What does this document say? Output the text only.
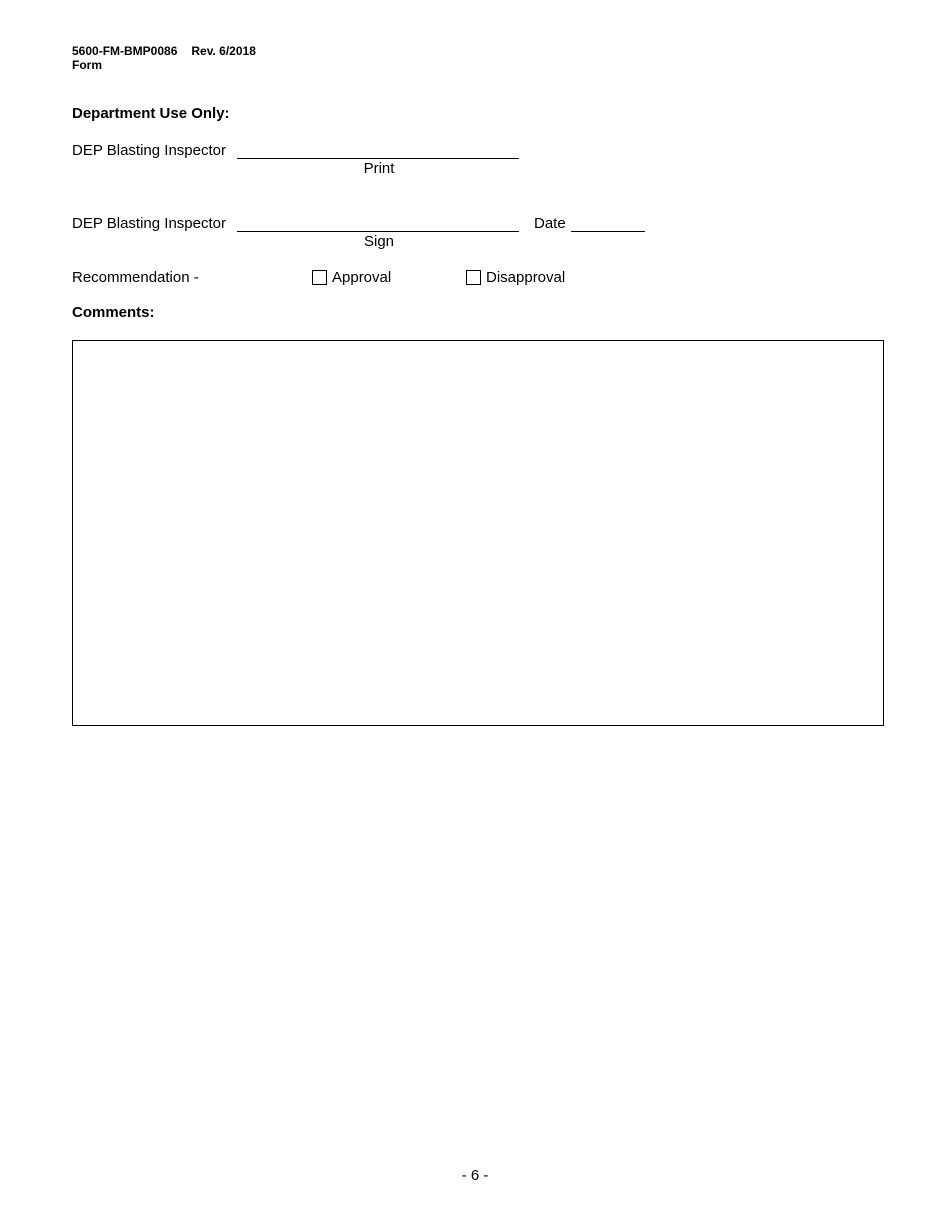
5600-FM-BMP0086 Rev. 6/2018
Form
Department Use Only:
DEP Blasting Inspector
Print
DEP Blasting Inspector
Sign
Date
Recommendation -	Approval	Disapproval
Comments:
- 6 -
